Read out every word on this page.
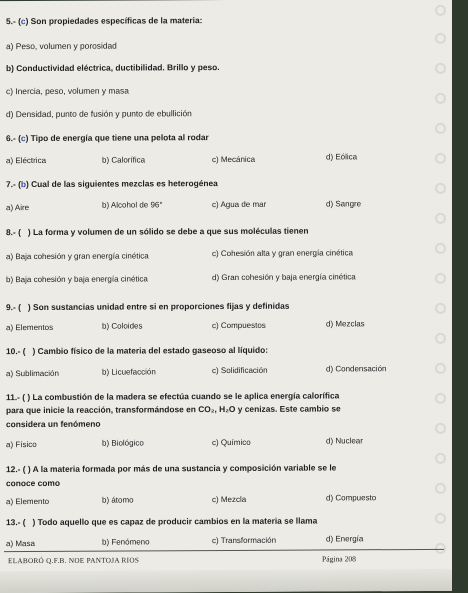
5.- (c) Son propiedades específicas de la materia:
a) Peso, volumen y porosidad
b) Conductividad eléctrica, ductibilidad. Brillo y peso.
c) Inercia, peso, volumen y masa
d) Densidad, punto de fusión y punto de ebullición
6.- (c) Tipo de energía que tiene una pelota al rodar
a) Eléctrica	b) Calorífica	c) Mecánica	d) Eólica
7.- (b) Cual de las siguientes mezclas es heterogénea
a) Aire	b) Alcohol de 96°	c) Agua de mar	d) Sangre
8.- ( ) La forma y volumen de un sólido se debe a que sus moléculas tienen
a) Baja cohesión y gran energía cinética	c) Cohesión alta y gran energía cinética
b) Baja cohesión y baja energía cinética	d) Gran cohesión y baja energía cinética
9.- ( ) Son sustancias unidad entre si en proporciones fijas y definidas
a) Elementos	b) Coloides	c) Compuestos	d) Mezclas
10.- ( ) Cambio físico de la materia del estado gaseoso al líquido:
a) Sublimación	b) Licuefacción	c) Solidificación	d) Condensación
11.- ( ) La combustión de la madera se efectúa cuando se le aplica energía calorífica
para que inicie la reacción, transformándose en CO₂, H₂O y cenizas. Este cambio se
considera un fenómeno
a) Físico	b) Biológico	c) Químico	d) Nuclear
12.- ( ) A la materia formada por más de una sustancia y composición variable se le
conoce como
a) Elemento	b) átomo	c) Mezcla	d) Compuesto
13.- ( ) Todo aquello que es capaz de producir cambios en la materia se llama
a) Masa	b) Fenómeno	c) Transformación	d) Energía
ELABORÓ Q.F.B. NOE PANTOJA RIOS	Página 208
